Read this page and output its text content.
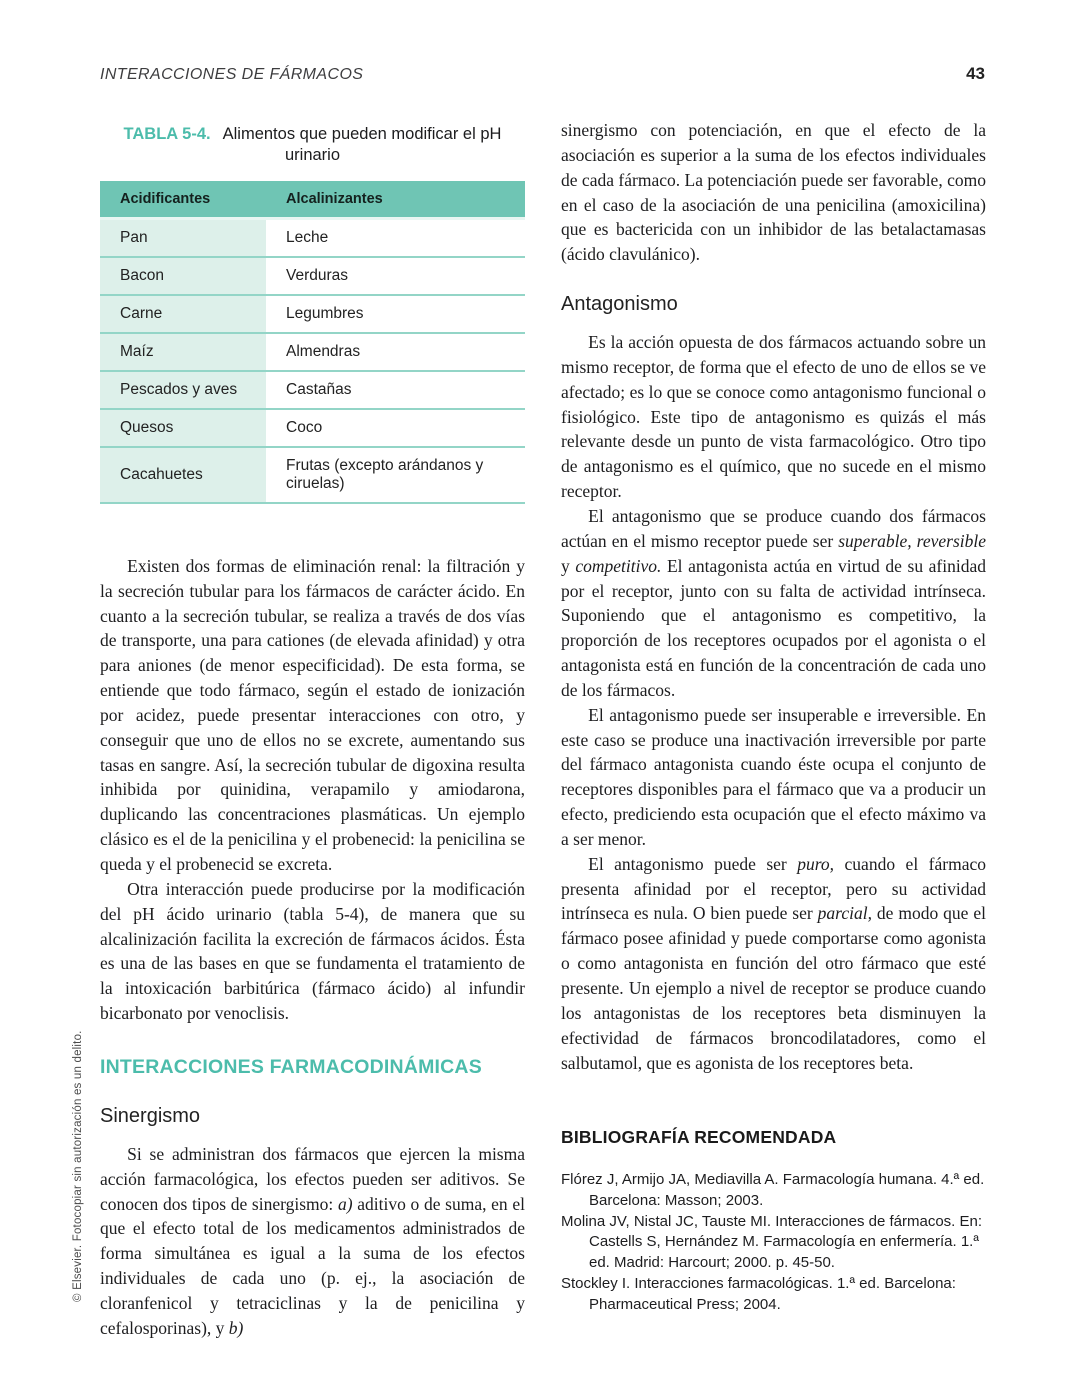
INTERACCIONES DE FÁRMACOS	43
© Elsevier. Fotocopiar sin autorización es un delito.
TABLA 5-4. Alimentos que pueden modificar el pH urinario
Acidificantes	Alcalinizantes
Pan	Leche
Bacon	Verduras
Carne	Legumbres
Maíz	Almendras
Pescados y aves	Castañas
Quesos	Coco
Cacahuetes	Frutas (excepto arándanos y ciruelas)

Existen dos formas de eliminación renal: la filtración y la secreción tubular para los fármacos de carácter ácido. En cuanto a la secreción tubular, se realiza a través de dos vías de transporte, una para cationes (de elevada afinidad) y otra para aniones (de menor especificidad). De esta forma, se entiende que todo fármaco, según el estado de ionización por acidez, puede presentar interacciones con otro, y conseguir que uno de ellos no se excrete, aumentando sus tasas en sangre. Así, la secreción tubular de digoxina resulta inhibida por quinidina, verapamilo y amiodarona, duplicando las concentraciones plasmáticas. Un ejemplo clásico es el de la penicilina y el probenecid: la penicilina se queda y el probenecid se excreta.

Otra interacción puede producirse por la modificación del pH ácido urinario (tabla 5-4), de manera que su alcalinización facilita la excreción de fármacos ácidos. Ésta es una de las bases en que se fundamenta el tratamiento de la intoxicación barbitúrica (fármaco ácido) al infundir bicarbonato por venoclisis.

INTERACCIONES FARMACODINÁMICAS
Sinergismo

Si se administran dos fármacos que ejercen la misma acción farmacológica, los efectos pueden ser aditivos. Se conocen dos tipos de sinergismo: a) aditivo o de suma, en el que el efecto total de los medicamentos administrados de forma simultánea es igual a la suma de los efectos individuales de cada uno (p. ej., la asociación de cloranfenicol y tetraciclinas y la de penicilina y cefalosporinas), y b)

sinergismo con potenciación, en que el efecto de la asociación es superior a la suma de los efectos individuales de cada fármaco. La potenciación puede ser favorable, como en el caso de la asociación de una penicilina (amoxicilina) que es bactericida con un inhibidor de las betalactamasas (ácido clavulánico).

Antagonismo

Es la acción opuesta de dos fármacos actuando sobre un mismo receptor, de forma que el efecto de uno de ellos se ve afectado; es lo que se conoce como antagonismo funcional o fisiológico. Este tipo de antagonismo es quizás el más relevante desde un punto de vista farmacológico. Otro tipo de antagonismo es el químico, que no sucede en el mismo receptor.

El antagonismo que se produce cuando dos fármacos actúan en el mismo receptor puede ser superable, reversible y competitivo. El antagonista actúa en virtud de su afinidad por el receptor, junto con su falta de actividad intrínseca. Suponiendo que el antagonismo es competitivo, la proporción de los receptores ocupados por el agonista o el antagonista está en función de la concentración de cada uno de los fármacos.

El antagonismo puede ser insuperable e irreversible. En este caso se produce una inactivación irreversible por parte del fármaco antagonista cuando éste ocupa el conjunto de receptores disponibles para el fármaco que va a producir un efecto, prediciendo esta ocupación que el efecto máximo va a ser menor.

El antagonismo puede ser puro, cuando el fármaco presenta afinidad por el receptor, pero su actividad intrínseca es nula. O bien puede ser parcial, de modo que el fármaco posee afinidad y puede comportarse como agonista o como antagonista en función del otro fármaco que esté presente. Un ejemplo a nivel de receptor se produce cuando los antagonistas de los receptores beta disminuyen la efectividad de fármacos broncodilatadores, como el salbutamol, que es agonista de los receptores beta.

BIBLIOGRAFÍA RECOMENDADA

Flórez J, Armijo JA, Mediavilla A. Farmacología humana. 4.ª ed. Barcelona: Masson; 2003.

Molina JV, Nistal JC, Tauste MI. Interacciones de fármacos. En: Castells S, Hernández M. Farmacología en enfermería. 1.ª ed. Madrid: Harcourt; 2000. p. 45-50.

Stockley I. Interacciones farmacológicas. 1.ª ed. Barcelona: Pharmaceutical Press; 2004.
